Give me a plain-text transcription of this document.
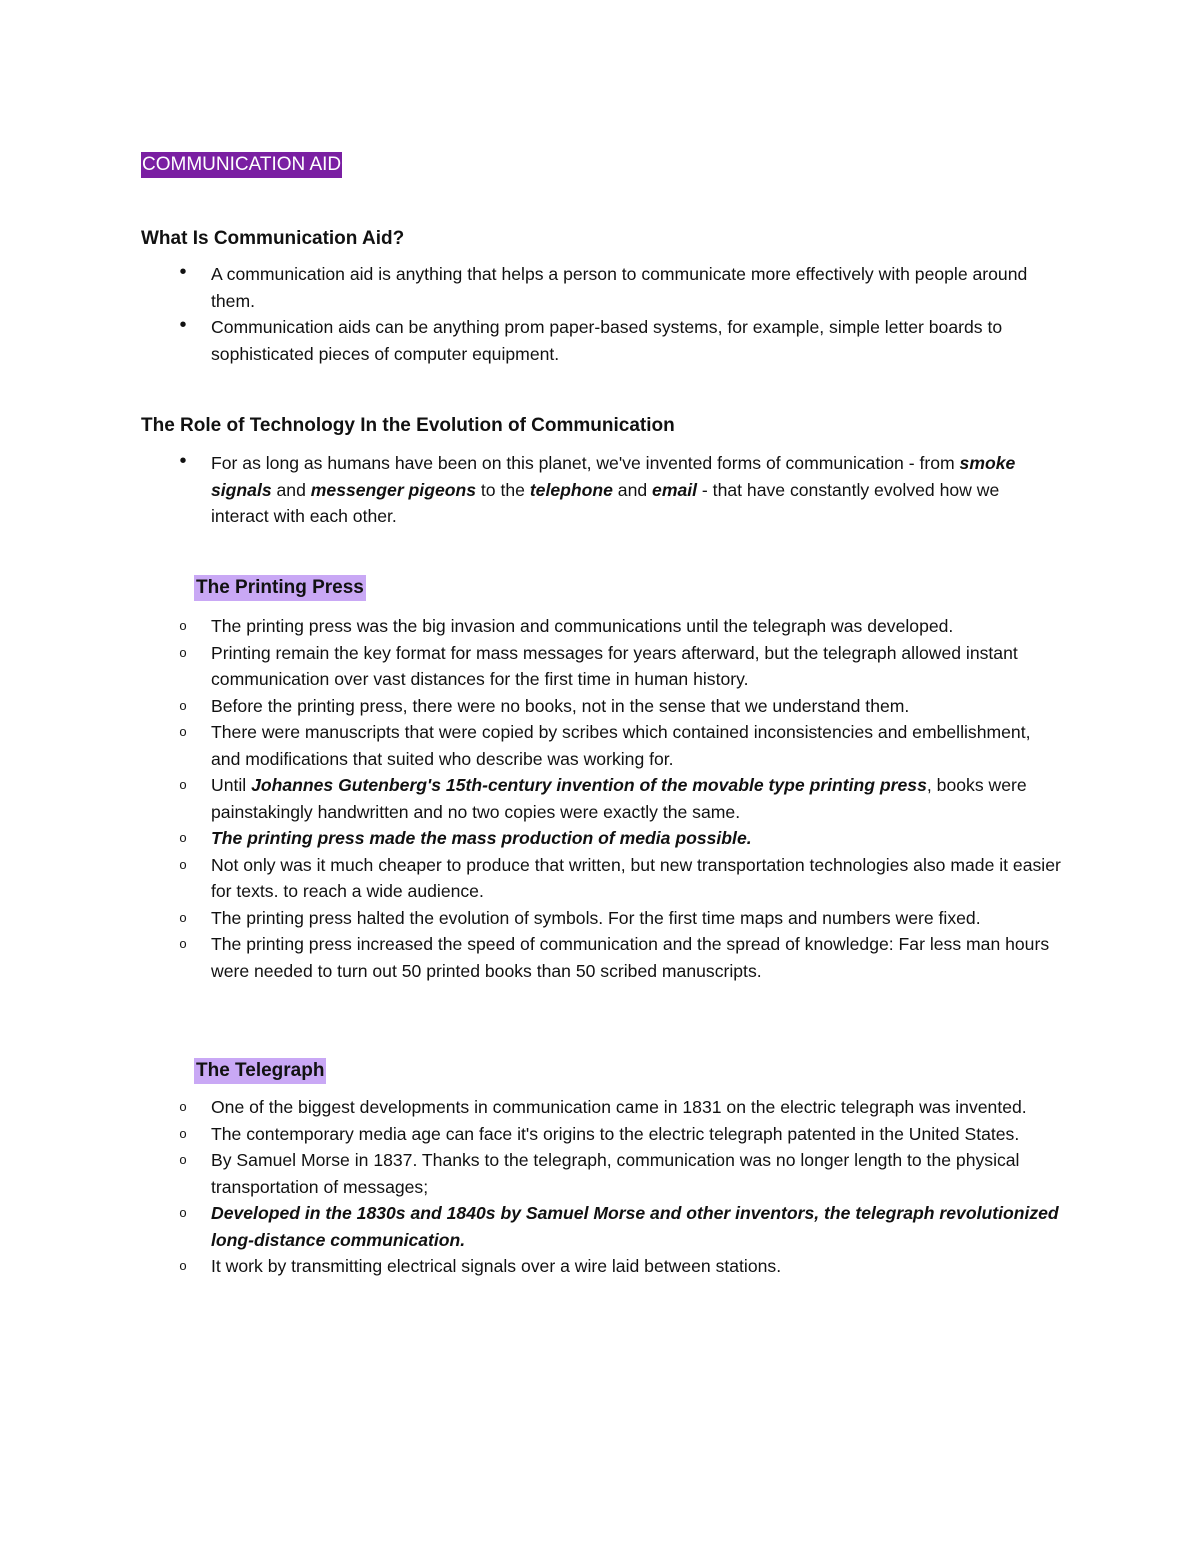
COMMUNICATION AID
What Is Communication Aid?
•	A communication aid is anything that helps a person to communicate more effectively with people around them.
•	Communication aids can be anything prom paper-based systems, for example, simple letter boards to sophisticated pieces of computer equipment.
The Role of Technology In the Evolution of Communication
•	For as long as humans have been on this planet, we've invented forms of communication - from smoke signals and messenger pigeons to the telephone and email - that have constantly evolved how we interact with each other.
The Printing Press
o	The printing press was the big invasion and communications until the telegraph was developed.
o	Printing remain the key format for mass messages for years afterward, but the telegraph allowed instant communication over vast distances for the first time in human history.
o	Before the printing press, there were no books, not in the sense that we understand them.
o	There were manuscripts that were copied by scribes which contained inconsistencies and embellishment, and modifications that suited who describe was working for.
o	Until Johannes Gutenberg's 15th-century invention of the movable type printing press, books were painstakingly handwritten and no two copies were exactly the same.
o	The printing press made the mass production of media possible.
o	Not only was it much cheaper to produce that written, but new transportation technologies also made it easier for texts. to reach a wide audience.
o	The printing press halted the evolution of symbols. For the first time maps and numbers were fixed.
o	The printing press increased the speed of communication and the spread of knowledge: Far less man hours were needed to turn out 50 printed books than 50 scribed manuscripts.
The Telegraph
o	One of the biggest developments in communication came in 1831 on the electric telegraph was invented.
o	The contemporary media age can face it's origins to the electric telegraph patented in the United States.
o	By Samuel Morse in 1837. Thanks to the telegraph, communication was no longer length to the physical transportation of messages;
o	Developed in the 1830s and 1840s by Samuel Morse and other inventors, the telegraph revolutionized long-distance communication.
o	It work by transmitting electrical signals over a wire laid between stations.
